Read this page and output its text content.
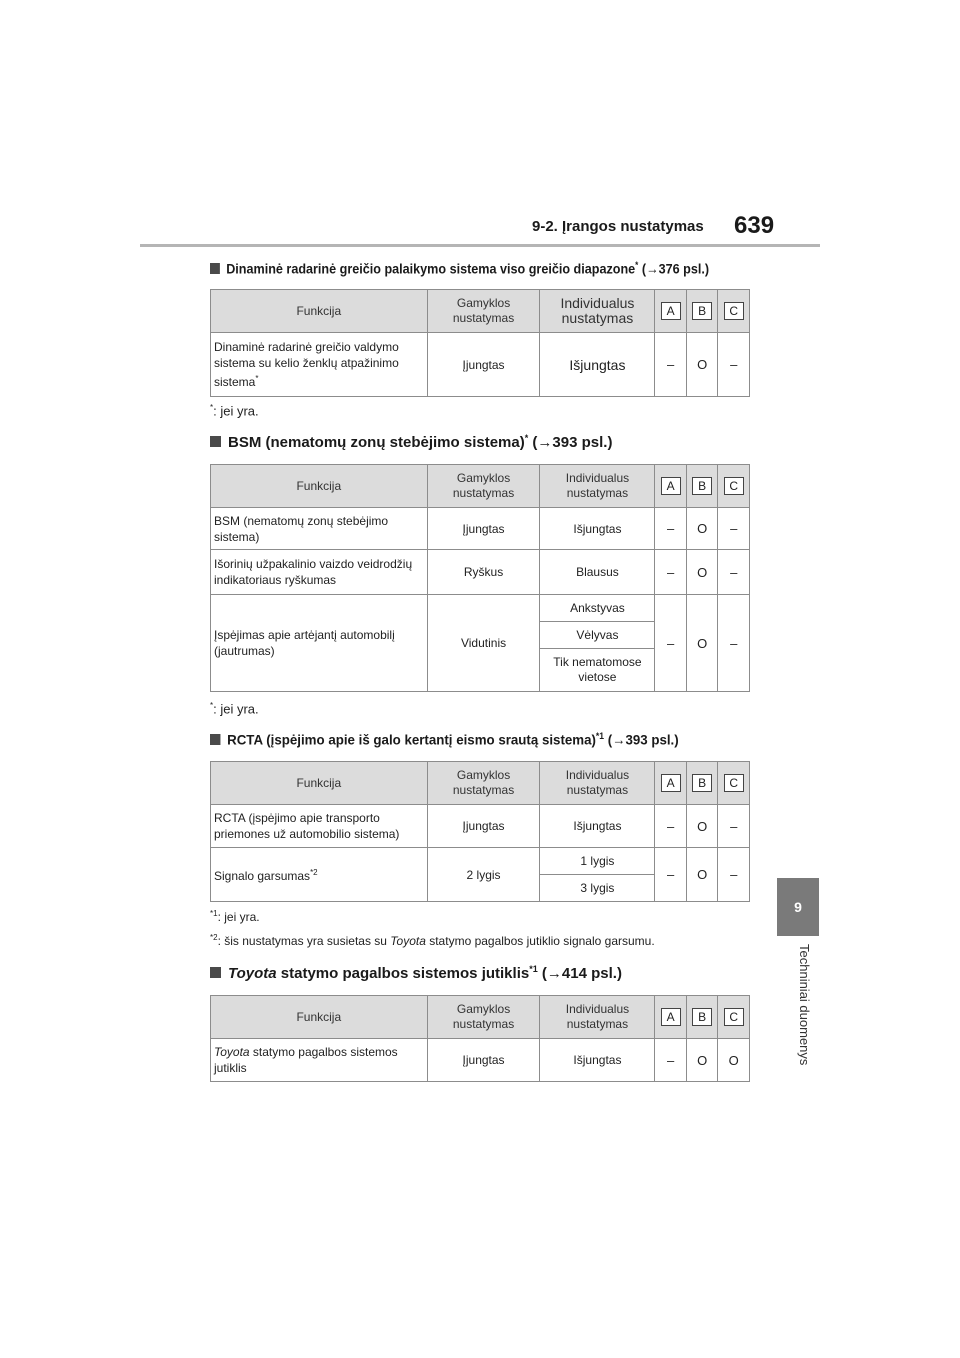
9-2. Įrangos nustatymas 639
9
Techniniai duomenys
Dinaminė radarinė greičio palaikymo sistema viso greičio diapazone* (→376 psl.)
Funkcija	Gamyklos nustatymas	Individualus nustatymas	A	B	C
Dinaminė radarinė greičio valdymo sistema su kelio ženklų atpažinimo sistema*	Įjungtas	Išjungtas	–	O	–
*: jei yra.
BSM (nematomų zonų stebėjimo sistema)* (→393 psl.)
Funkcija	Gamyklos nustatymas	Individualus nustatymas	A	B	C
BSM (nematomų zonų stebėjimo sistema)	Įjungtas	Išjungtas	–	O	–
Išorinių užpakalinio vaizdo veidrodžių indikatoriaus ryškumas	Ryškus	Blausus	–	O	–
Įspėjimas apie artėjantį automobilį (jautrumas)	Vidutinis	Ankstyvas	–	O	–
		Vėlyvas			
		Tik nematomose vietose			
*: jei yra.
RCTA (įspėjimo apie iš galo kertantį eismo srautą sistema)$^{*1}$ (→393 psl.)
Funkcija	Gamyklos nustatymas	Individualus nustatymas	A	B	C
RCTA (įspėjimo apie transporto priemones už automobilio sistema)	Įjungtas	Išjungtas	–	O	–
Signalo garsumas$^{*2}$	2 lygis	1 lygis	–	O	–
		3 lygis			
$^{*1}$: jei yra.
$^{*2}$: šis nustatymas yra susietas su Toyota statymo pagalbos jutiklio signalo garsumu.
Toyota statymo pagalbos sistemos jutiklis$^{*1}$ (→414 psl.)
Funkcija	Gamyklos nustatymas	Individualus nustatymas	A	B	C
Toyota statymo pagalbos sistemos jutiklis	Įjungtas	Išjungtas	–	O	O
